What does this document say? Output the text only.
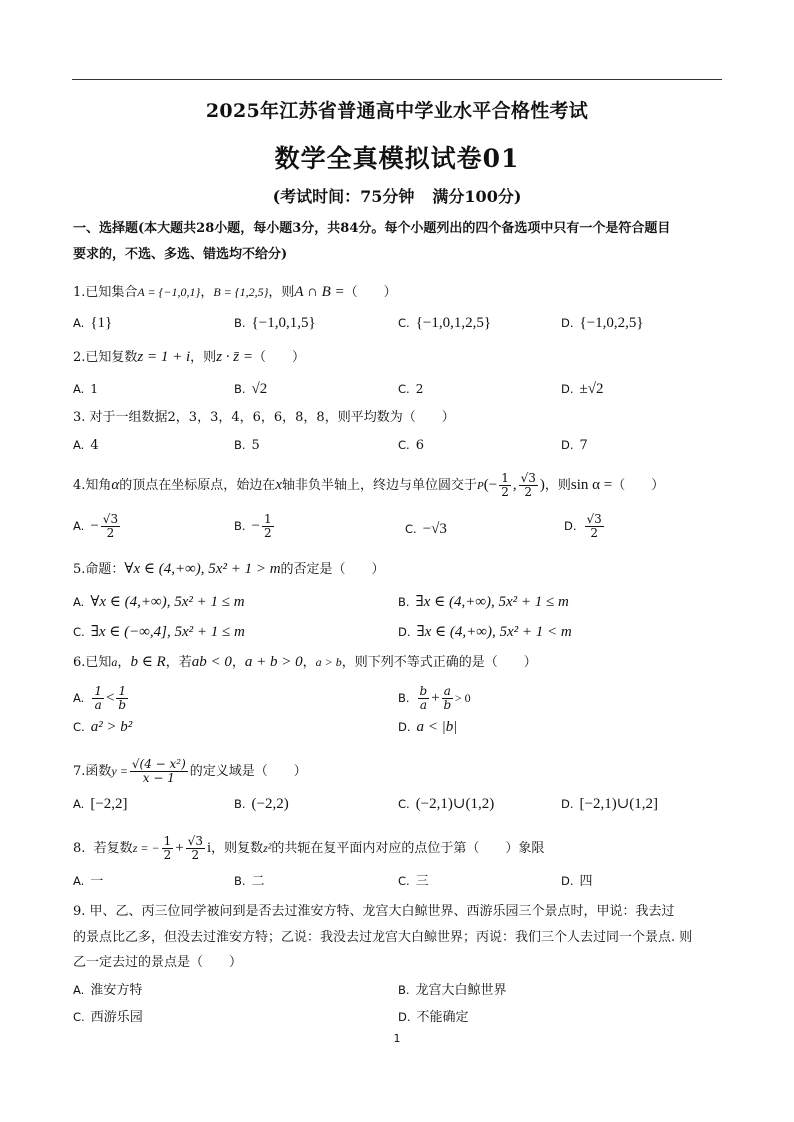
2025年江苏省普通高中学业水平合格性考试
数学全真模拟试卷01
(考试时间：75分钟 满分100分)
一、选择题(本大题共28小题，每小题3分，共84分。每个小题列出的四个备选项中只有一个是符合题目
要求的，不选、多选、错选均不给分)
1.已知集合A = {−1,0,1}，B = {1,2,5}，则A ∩ B =（　　）
A. {1}	B. {−1,0,1,5}	C. {−1,0,1,2,5}	D. {−1,0,2,5}
2.已知复数z = 1 + i，则z · z̄ =（　　）
A. 1	B. √2	C. 2	D. ±√2
3. 对于一组数据2，3，3，4，6，6，8，8，则平均数为（　　）
A. 4	B. 5	C. 6	D. 7
4.知角α的顶点在坐标原点，始边在x轴非负半轴上，终边与单位圆交于$P(- \frac{1}{2}$ , $\frac{√3}{2}$ )，则sin α =（　　）
A. − $\frac{√3}{2}$	B. − $\frac{1}{2}$	C. −√3	D. $\frac{√3}{2}$
5.命题：∀x ∈ (4,+∞), 5x² + 1 > m的否定是（　　）
A. ∀x ∈ (4,+∞), 5x² + 1 ≤ m	B. ∃x ∈ (4,+∞), 5x² + 1 ≤ m
C. ∃x ∈ (−∞,4], 5x² + 1 ≤ m	D. ∃x ∈ (4,+∞), 5x² + 1 < m
6.已知a，b ∈ R，若ab < 0，a + b > 0，a > b，则下列不等式正确的是（　　）
A. $\frac{1}{a} < \frac{1}{b}$	B. $\frac{b}{a} + \frac{a}{b} > 0$
C. a² > b²	D. a < |b|
7.函数$y = \frac{\text{√(4 − x²)}}{x - 1}$ 的定义域是（　　）
A. [−2,2]	B. (−2,2)	C. (−2,1)∪(1,2)	D. [−2,1)∪(1,2]
8. 若复数z = − $\frac{1}{2} + \frac{√3}{2}$ i，则复数z²的共轭在复平面内对应的点位于第（　　）象限
A. 一	B. 二	C. 三	D. 四
9. 甲、乙、丙三位同学被问到是否去过淮安方特、龙宫大白鲸世界、西游乐园三个景点时，甲说：我去过
的景点比乙多，但没去过淮安方特；乙说：我没去过龙宫大白鲸世界；丙说：我们三个人去过同一个景点. 则
乙一定去过的景点是（　　）
A. 淮安方特	B. 龙宫大白鲸世界
C. 西游乐园	D. 不能确定
1
